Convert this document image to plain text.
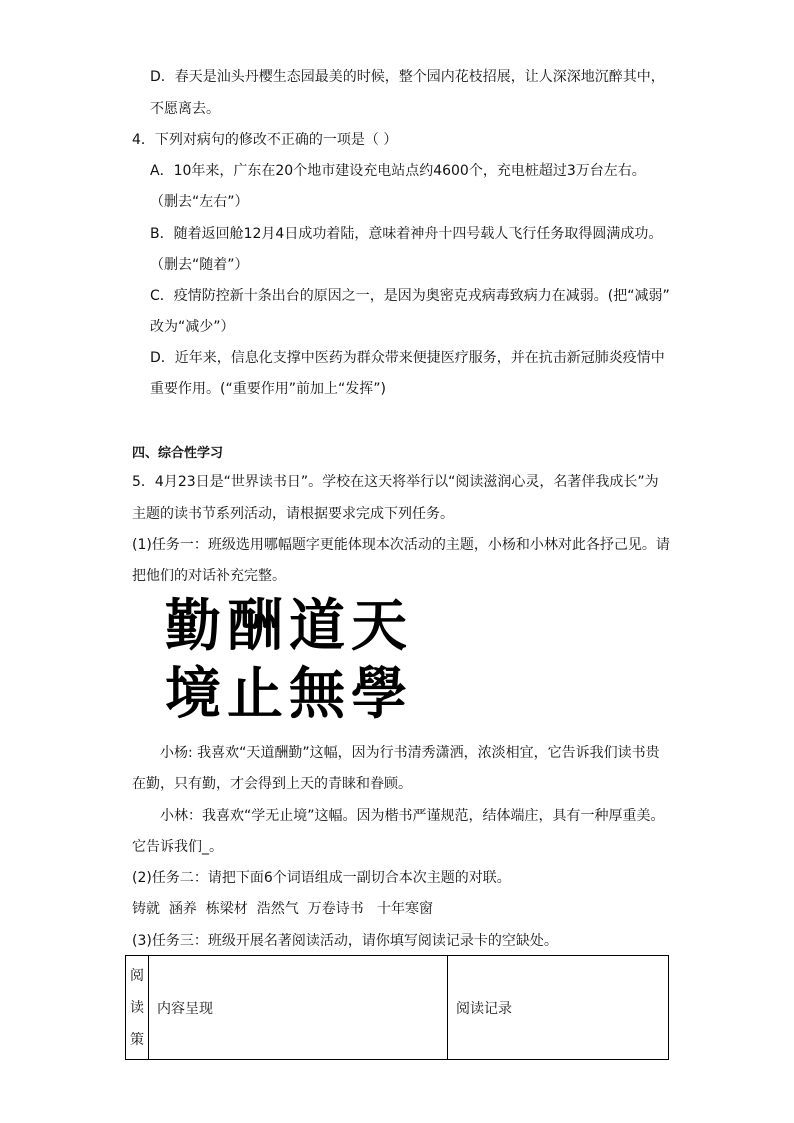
D．春天是汕头丹樱生态园最美的时候，整个园内花枝招展，让人深深地沉醉其中，
不愿离去。
4．下列对病句的修改不正确的一项是（ ）
A．10年来，广东在20个地市建设充电站点约4600个，充电桩超过3万台左右。
（删去“左右”）
B．随着返回舱12月4日成功着陆，意味着神舟十四号载人飞行任务取得圆满成功。
（删去“随着”）
C．疫情防控新十条出台的原因之一，是因为奥密克戎病毒致病力在减弱。(把“减弱”
改为“减少”）
D．近年来，信息化支撑中医药为群众带来便捷医疗服务，并在抗击新冠肺炎疫情中
重要作用。(“重要作用”前加上“发挥”)
四、综合性学习
5．4月23日是“世界读书日”。学校在这天将举行以“阅读滋润心灵，名著伴我成长”为
主题的读书节系列活动，请根据要求完成下列任务。
(1)任务一：班级选用哪幅题字更能体现本次活动的主题，小杨和小林对此各抒己见。请
把他们的对话补充完整。
勤酬道天
境止無學
小杨: 我喜欢“天道酬勤”这幅，因为行书清秀潇洒，浓淡相宜，它告诉我们读书贵
在勤，只有勤，才会得到上天的青睐和眷顾。
小林：我喜欢“学无止境”这幅。因为楷书严谨规范，结体端庄，具有一种厚重美。
它告诉我们_。
(2)任务二：请把下面6个词语组成一副切合本次主题的对联。
铸就  涵养  栋梁材  浩然气  万卷诗书   十年寒窗
(3)任务三：班级开展名著阅读活动，请你填写阅读记录卡的空缺处。
阅
读
策
	内容呈现	阅读记录
